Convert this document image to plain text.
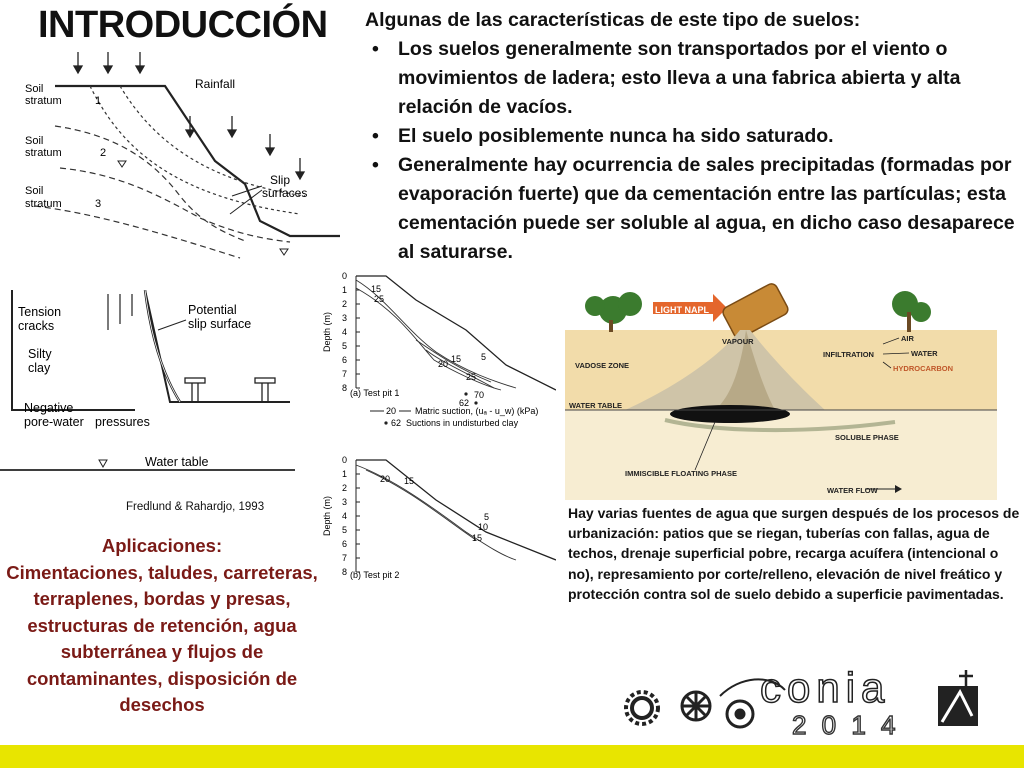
INTRODUCCIÓN Algunas de las características de este tipo de suelos:
• Los suelos generalmente son transportados por el viento o movimientos de ladera; esto lleva a una fabrica abierta y alta relación de vacíos.
• El suelo posiblemente nunca ha sido saturado.
• Generalmente hay ocurrencia de sales precipitadas (formadas por evaporación fuerte) que da cementación entre las partículas; esta cementación puede ser soluble al agua, en dicho caso desaparece al saturarse.
Rainfall
Soil
stratum	1
Soil
stratum	2
Soil
stratum	3
Slip
surfaces
Tension
cracks
Potential
slip surface
Silty
clay
Negative
pore-water pressures
Water table
Fredlund & Rahardjo, 1993
0
1
2
3
4
5
6
7
8
Depth (m)
0
1
2
3
4
5
6
7
8
Depth (m)
15
25
5
15
20
25
70
62
(a) Test pit 1
20 Matric suction, (uₐ - u_w) (kPa)
62 Suctions in undisturbed clay
20 15
5
10
15
(b) Test pit 2
LIGHT NAPL
VAPOUR
VADOSE ZONE
WATER TABLE
INFILTRATION
AIR
WATER
HYDROCARBON
SOLUBLE PHASE
IMMISCIBLE FLOATING PHASE
WATER FLOW
Aplicaciones:
Cimentaciones, taludes, carreteras, terraplenes, bordas y presas, estructuras de retención, agua subterránea y flujos de contaminantes, disposición de desechos
Hay varias fuentes de agua que surgen después de los procesos de urbanización: patios que se riegan, tuberías con fallas, agua de techos, drenaje superficial pobre, recarga acuífera (intencional o no), represamiento por corte/relleno, elevación de nivel freático y protección contra sol de suelo debido a superficie pavimentadas.
conia
2 0 1 4
